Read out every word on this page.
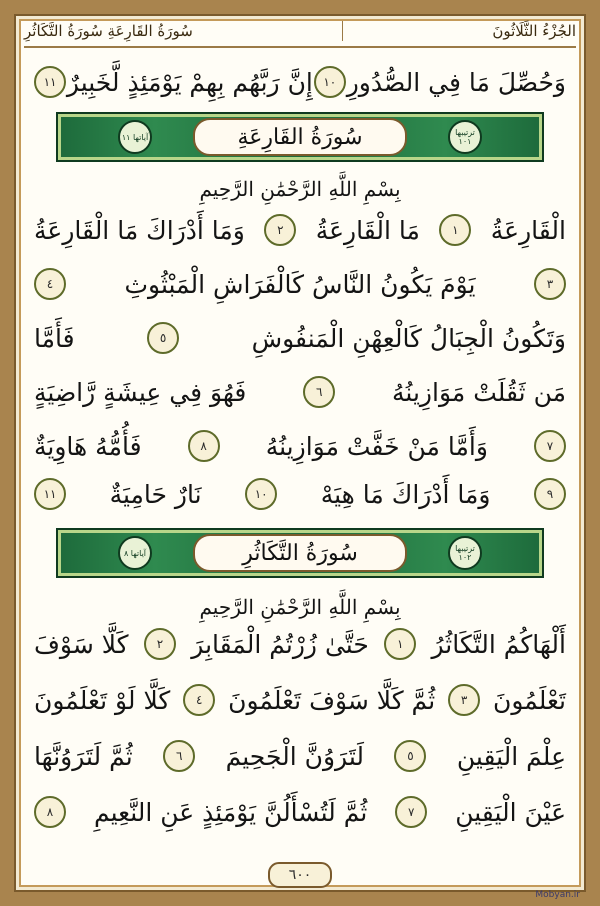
الجُزْءُ الثَّلَاثُونَ
سُورَةُ القَارِعَةِ سُورَةُ التَّكَاثُرِ
وَحُصِّلَ مَا فِي الصُّدُورِ
١٠
إِنَّ رَبَّهُم بِهِمْ يَوْمَئِذٍ لَّخَبِيرٌ
١١
ترتيبها ١٠١
سُورَةُ القَارِعَةِ
آياتها ١١
بِسْمِ اللَّهِ الرَّحْمَٰنِ الرَّحِيمِ
الْقَارِعَةُ
١
مَا الْقَارِعَةُ
٢
وَمَا أَدْرَاكَ مَا الْقَارِعَةُ
٣
يَوْمَ يَكُونُ النَّاسُ كَالْفَرَاشِ الْمَبْثُوثِ
٤
وَتَكُونُ الْجِبَالُ كَالْعِهْنِ الْمَنفُوشِ
٥
فَأَمَّا
مَن ثَقُلَتْ مَوَازِينُهُ
٦
فَهُوَ فِي عِيشَةٍ رَّاضِيَةٍ
٧
وَأَمَّا مَنْ خَفَّتْ مَوَازِينُهُ
٨
فَأُمُّهُ هَاوِيَةٌ
٩
وَمَا أَدْرَاكَ مَا هِيَهْ
١٠
نَارٌ حَامِيَةٌ
١١
ترتيبها ١٠٢
سُورَةُ التَّكَاثُرِ
آياتها ٨
بِسْمِ اللَّهِ الرَّحْمَٰنِ الرَّحِيمِ
أَلْهَاكُمُ التَّكَاثُرُ
١
حَتَّىٰ زُرْتُمُ الْمَقَابِرَ
٢
كَلَّا سَوْفَ
تَعْلَمُونَ
٣
ثُمَّ كَلَّا سَوْفَ تَعْلَمُونَ
٤
كَلَّا لَوْ تَعْلَمُونَ
عِلْمَ الْيَقِينِ
٥
لَتَرَوُنَّ الْجَحِيمَ
٦
ثُمَّ لَتَرَوُنَّهَا
عَيْنَ الْيَقِينِ
٧
ثُمَّ لَتُسْأَلُنَّ يَوْمَئِذٍ عَنِ النَّعِيمِ
٨
٦٠٠
Mobyan.ir
